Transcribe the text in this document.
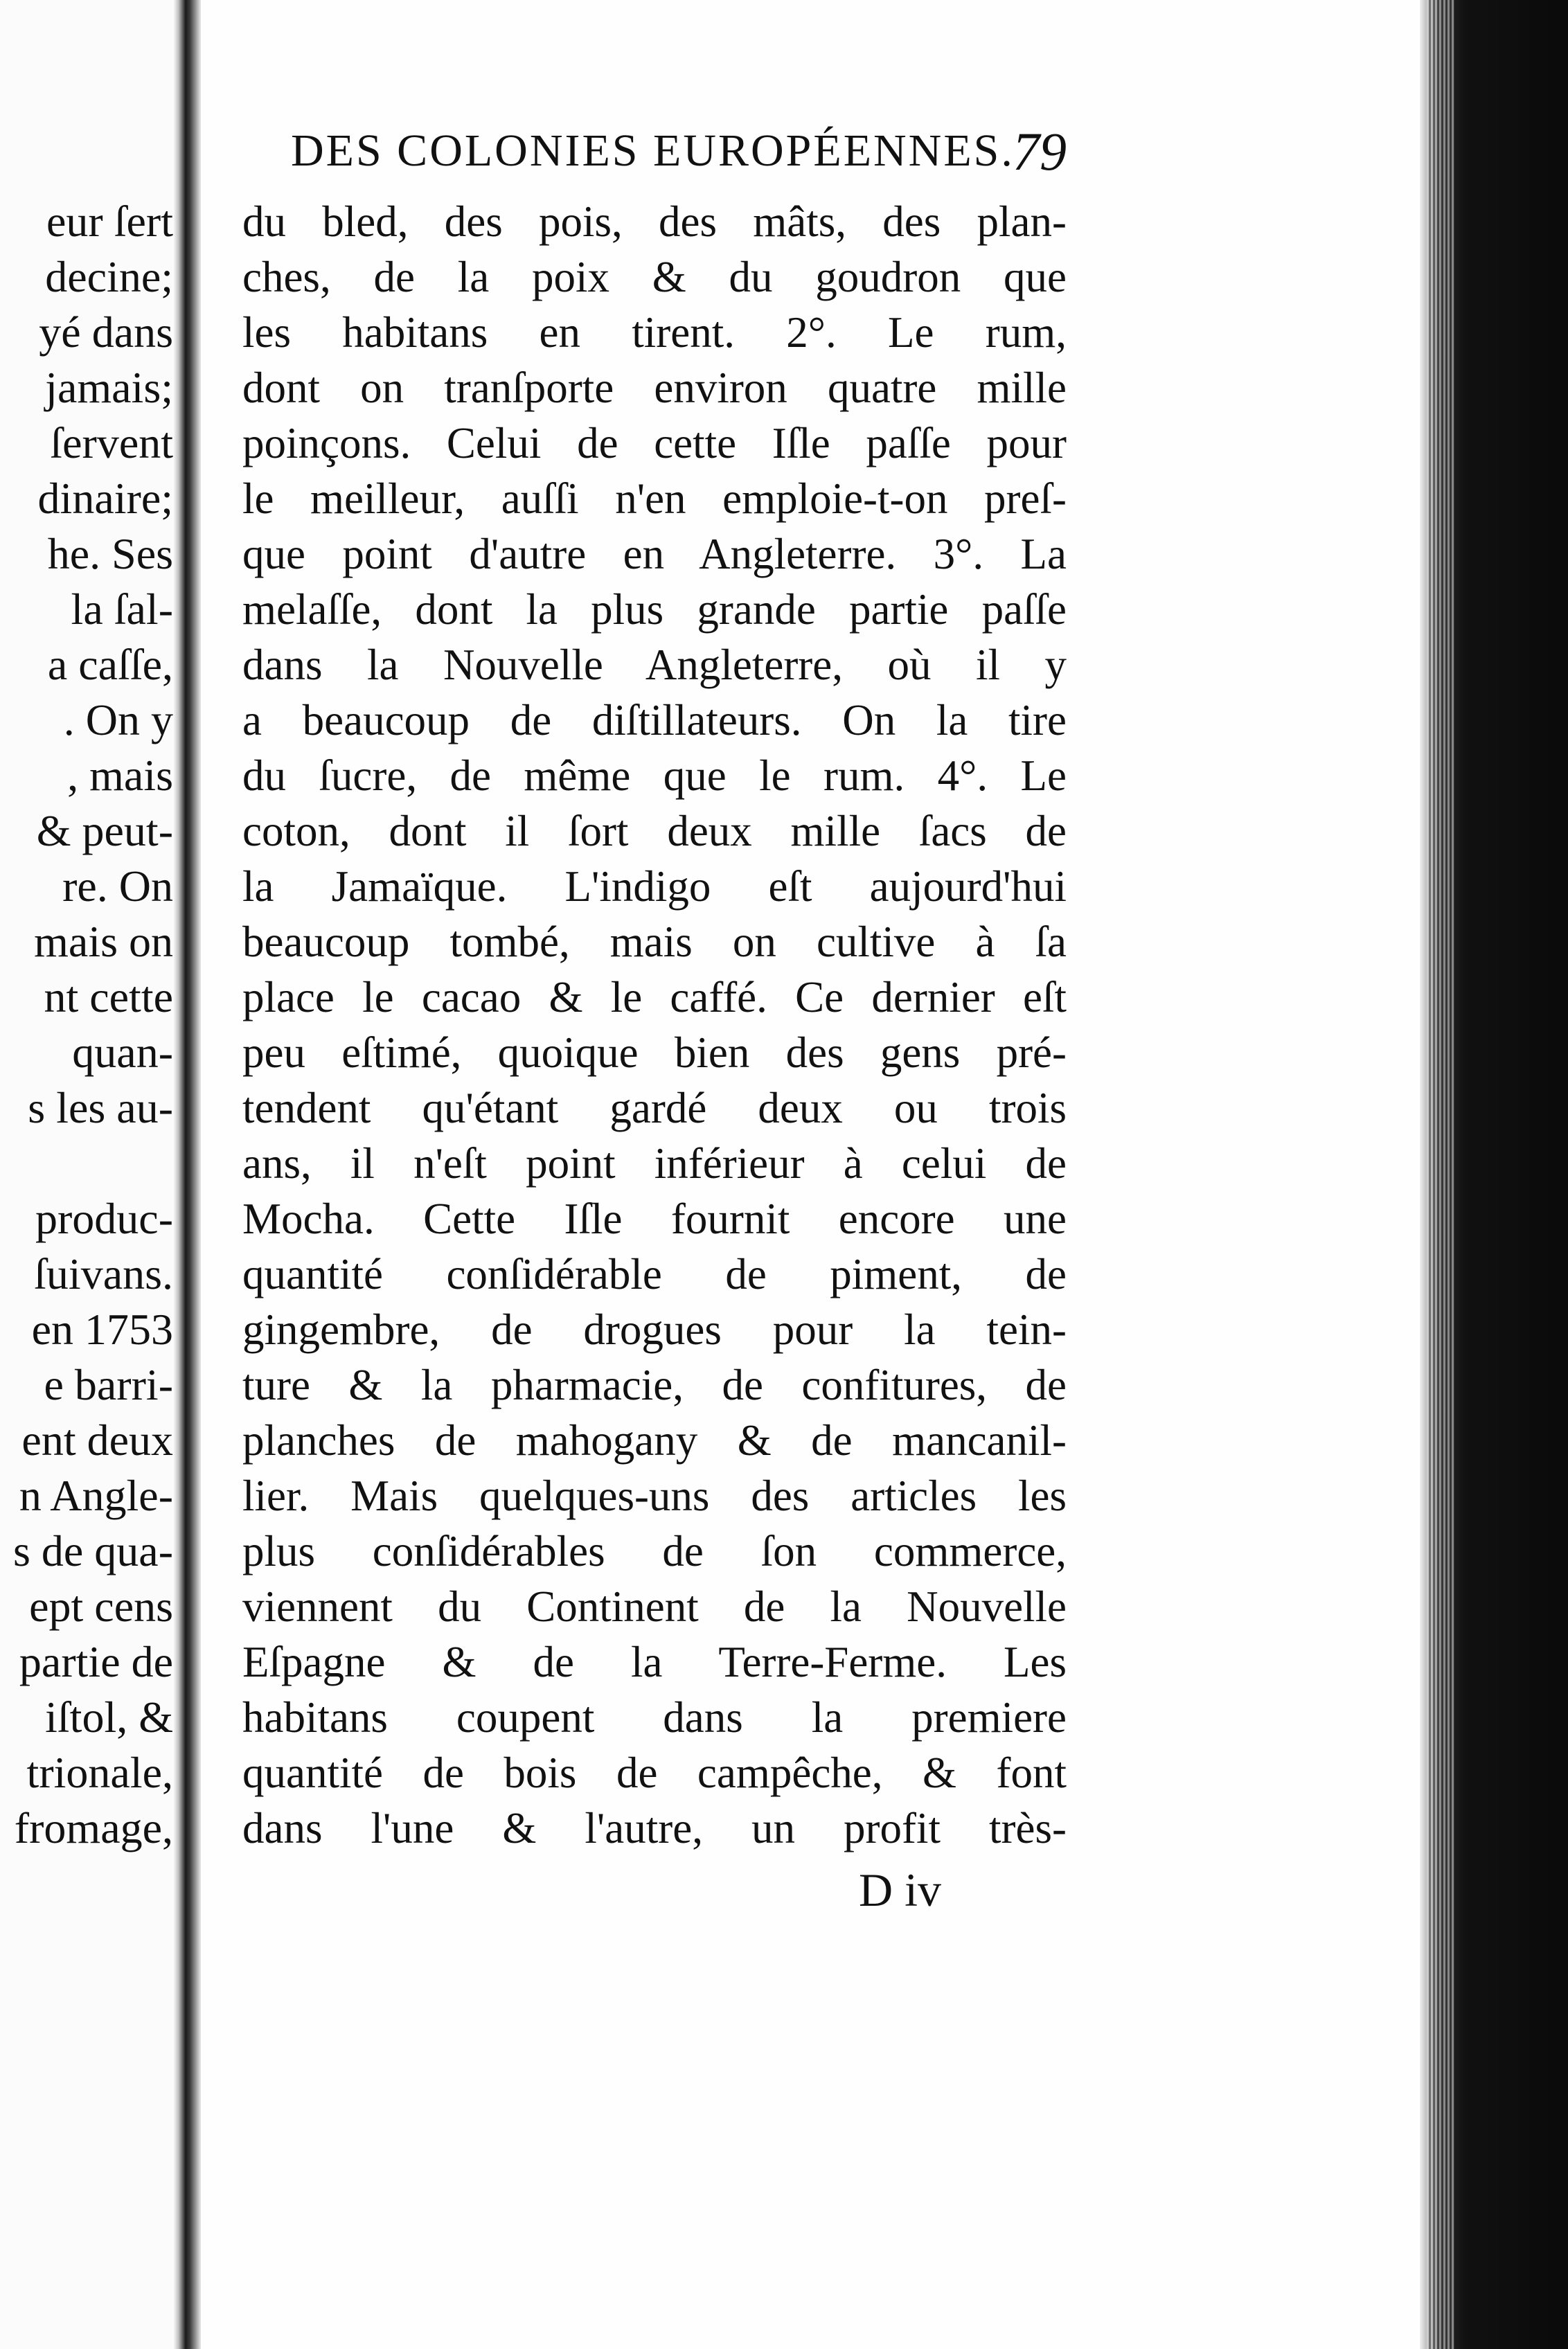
eur ſert
decine;
yé dans
jamais;
ſervent
dinaire;
he. Ses
la ſal-
a caſſe,
. On y
, mais
& peut-
re. On
mais on
nt cette
quan-
s les au-
produc-
ſuivans.
en 1753
e barri-
ent deux
n Angle-
s de qua-
ept cens
partie de
iſtol, &
trionale,
fromage,
DES COLONIES EUROPÉENNES.
79
du bled, des pois, des mâts, des plan-
ches, de la poix & du goudron que
les habitans en tirent. 2°. Le rum,
dont on tranſporte environ quatre mille
poinçons. Celui de cette Iſle paſſe pour
le meilleur, auſſi n'en emploie-t-on preſ-
que point d'autre en Angleterre. 3°. La
melaſſe, dont la plus grande partie paſſe
dans la Nouvelle Angleterre, où il y
a beaucoup de diſtillateurs. On la tire
du ſucre, de même que le rum. 4°. Le
coton, dont il ſort deux mille ſacs de
la Jamaïque. L'indigo eſt aujourd'hui
beaucoup tombé, mais on cultive à ſa
place le cacao & le caffé. Ce dernier eſt
peu eſtimé, quoique bien des gens pré-
tendent qu'étant gardé deux ou trois
ans, il n'eſt point inférieur à celui de
Mocha. Cette Iſle fournit encore une
quantité conſidérable de piment, de
gingembre, de drogues pour la tein-
ture & la pharmacie, de confitures, de
planches de mahogany & de mancanil-
lier. Mais quelques-uns des articles les
plus conſidérables de ſon commerce,
viennent du Continent de la Nouvelle
Eſpagne & de la Terre-Ferme. Les
habitans coupent dans la premiere
quantité de bois de campêche, & font
dans l'une & l'autre, un profit très-
D iv
